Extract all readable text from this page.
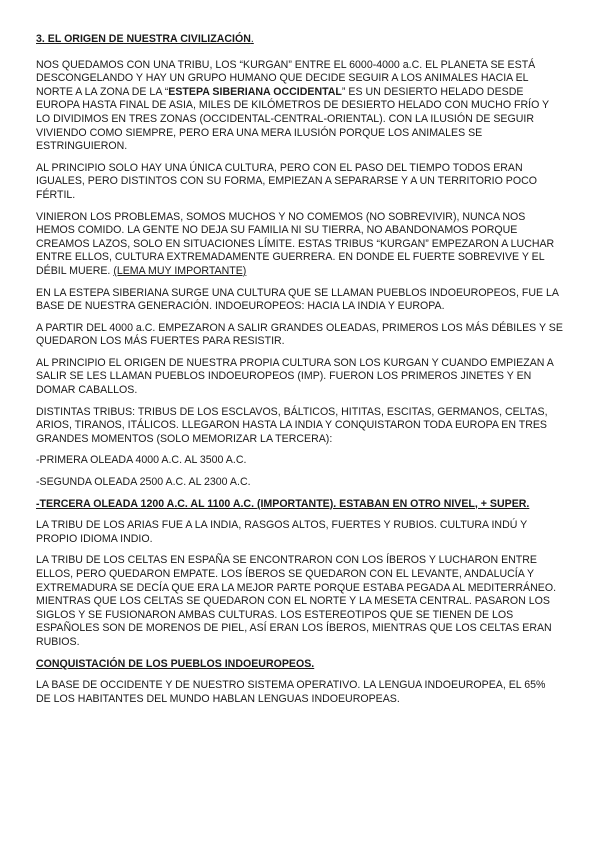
3. EL ORIGEN DE NUESTRA CIVILIZACIÓN.

NOS QUEDAMOS CON UNA TRIBU, LOS “KURGAN” ENTRE EL 6000-4000 a.C. EL PLANETA SE ESTÁ DESCONGELANDO Y HAY UN GRUPO HUMANO QUE DECIDE SEGUIR A LOS ANIMALES HACIA EL NORTE A LA ZONA DE LA “ESTEPA SIBERIANA OCCIDENTAL” ES UN DESIERTO HELADO DESDE EUROPA HASTA FINAL DE ASIA, MILES DE KILÓMETROS DE DESIERTO HELADO CON MUCHO FRÍO Y LO DIVIDIMOS EN TRES ZONAS (OCCIDENTAL-CENTRAL-ORIENTAL). CON LA ILUSIÓN DE SEGUIR VIVIENDO COMO SIEMPRE, PERO ERA UNA MERA ILUSIÓN PORQUE LOS ANIMALES SE ESTRINGUIERON.

AL PRINCIPIO SOLO HAY UNA ÚNICA CULTURA, PERO CON EL PASO DEL TIEMPO TODOS ERAN IGUALES, PERO DISTINTOS CON SU FORMA, EMPIEZAN A SEPARARSE Y A UN TERRITORIO POCO FÉRTIL.

VINIERON LOS PROBLEMAS, SOMOS MUCHOS Y NO COMEMOS (NO SOBREVIVIR), NUNCA NOS HEMOS COMIDO. LA GENTE NO DEJA SU FAMILIA NI SU TIERRA, NO ABANDONAMOS PORQUE CREAMOS LAZOS, SOLO EN SITUACIONES LÍMITE. ESTAS TRIBUS “KURGAN” EMPEZARON A LUCHAR ENTRE ELLOS, CULTURA EXTREMADAMENTE GUERRERA. EN DONDE EL FUERTE SOBREVIVE Y EL DÉBIL MUERE. (LEMA MUY IMPORTANTE)

EN LA ESTEPA SIBERIANA SURGE UNA CULTURA QUE SE LLAMAN PUEBLOS INDOEUROPEOS, FUE LA BASE DE NUESTRA GENERACIÓN. INDOEUROPEOS: HACIA LA INDIA Y EUROPA.

A PARTIR DEL 4000 a.C. EMPEZARON A SALIR GRANDES OLEADAS, PRIMEROS LOS MÁS DÉBILES Y SE QUEDARON LOS MÁS FUERTES PARA RESISTIR.

AL PRINCIPIO EL ORIGEN DE NUESTRA PROPIA CULTURA SON LOS KURGAN Y CUANDO EMPIEZAN A SALIR SE LES LLAMAN PUEBLOS INDOEUROPEOS (IMP). FUERON LOS PRIMEROS JINETES Y EN DOMAR CABALLOS.

DISTINTAS TRIBUS: TRIBUS DE LOS ESCLAVOS, BÁLTICOS, HITITAS, ESCITAS, GERMANOS, CELTAS, ARIOS, TIRANOS, ITÁLICOS. LLEGARON HASTA LA INDIA Y CONQUISTARON TODA EUROPA EN TRES GRANDES MOMENTOS (SOLO MEMORIZAR LA TERCERA):

-PRIMERA OLEADA 4000 A.C. AL 3500 A.C.

-SEGUNDA OLEADA 2500 A.C. AL 2300 A.C.

-TERCERA OLEADA 1200 A.C. AL 1100 A.C. (IMPORTANTE). ESTABAN EN OTRO NIVEL, + SUPER.

LA TRIBU DE LOS ARIAS FUE A LA INDIA, RASGOS ALTOS, FUERTES Y RUBIOS. CULTURA INDÚ Y PROPIO IDIOMA INDIO.

LA TRIBU DE LOS CELTAS EN ESPAÑA SE ENCONTRARON CON LOS ÍBEROS Y LUCHARON ENTRE ELLOS, PERO QUEDARON EMPATE. LOS ÍBEROS SE QUEDARON CON EL LEVANTE, ANDALUCÍA Y EXTREMADURA SE DECÍA QUE ERA LA MEJOR PARTE PORQUE ESTABA PEGADA AL MEDITERRÁNEO. MIENTRAS QUE LOS CELTAS SE QUEDARON CON EL NORTE Y LA MESETA CENTRAL. PASARON LOS SIGLOS Y SE FUSIONARON AMBAS CULTURAS. LOS ESTEREOTIPOS QUE SE TIENEN DE LOS ESPAÑOLES SON DE MORENOS DE PIEL, ASÍ ERAN LOS ÍBEROS, MIENTRAS QUE LOS CELTAS ERAN RUBIOS.

CONQUISTACIÓN DE LOS PUEBLOS INDOEUROPEOS.

LA BASE DE OCCIDENTE Y DE NUESTRO SISTEMA OPERATIVO. LA LENGUA INDOEUROPEA, EL 65% DE LOS HABITANTES DEL MUNDO HABLAN LENGUAS INDOEUROPEAS.
